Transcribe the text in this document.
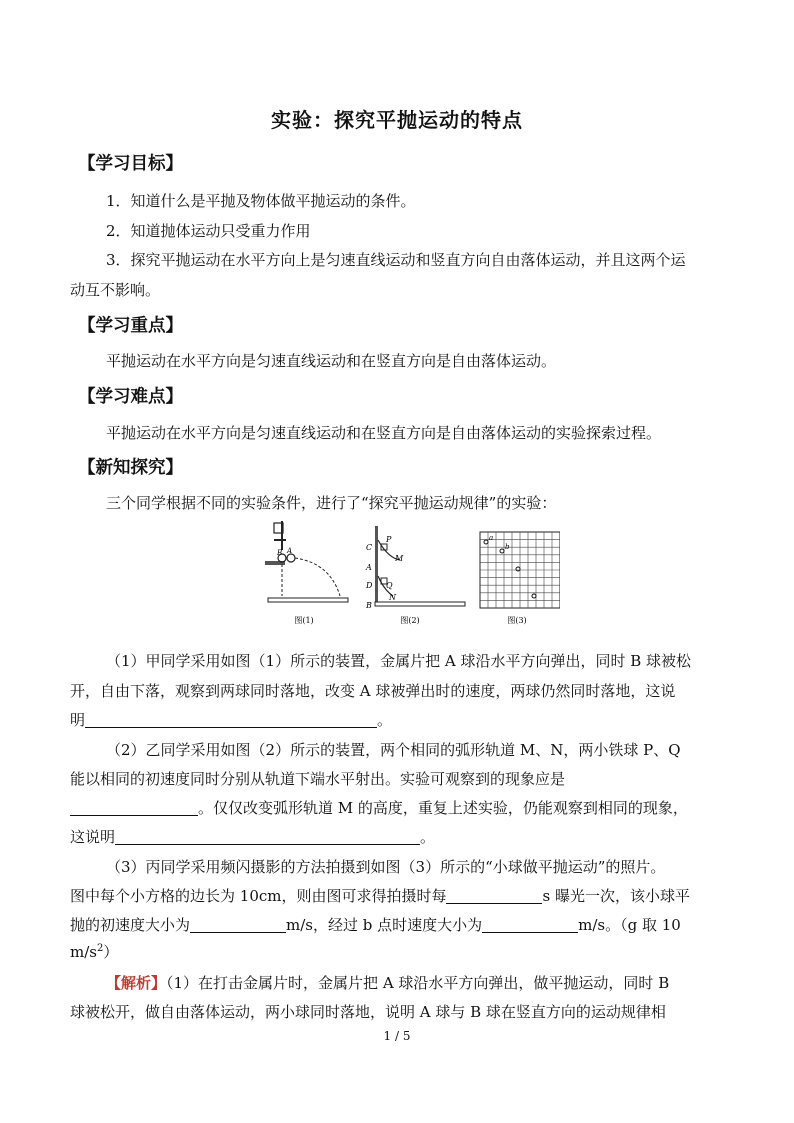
实验：探究平抛运动的特点
【学习目标】
1．知道什么是平抛及物体做平抛运动的条件。
2．知道抛体运动只受重力作用
3．探究平抛运动在水平方向上是匀速直线运动和竖直方向自由落体运动，并且这两个运
动互不影响。
【学习重点】
平抛运动在水平方向是匀速直线运动和在竖直方向是自由落体运动。
【学习难点】
平抛运动在水平方向是匀速直线运动和在竖直方向是自由落体运动的实验探索过程。
【新知探究】
三个同学根据不同的实验条件，进行了“探究平抛运动规律”的实验：
B A
图(1)
C
P
M
A
D Q
N
B
图(2)
a
b
图(3)
（1）甲同学采用如图（1）所示的装置，金属片把 A 球沿水平方向弹出，同时 B 球被松
开，自由下落，观察到两球同时落地，改变 A 球被弹出时的速度，两球仍然同时落地，这说
明	。
（2）乙同学采用如图（2）所示的装置，两个相同的弧形轨道 M、N，两小铁球 P、Q
能以相同的初速度同时分别从轨道下端水平射出。实验可观察到的现象应是
。仅仅改变弧形轨道 M 的高度，重复上述实验，仍能观察到相同的现象，
这说明	。
（3）丙同学采用频闪摄影的方法拍摄到如图（3）所示的“小球做平抛运动”的照片。
图中每个小方格的边长为 10cm，则由图可求得拍摄时每	s 曝光一次，该小球平
抛的初速度大小为	m/s，经过 b 点时速度大小为	m/s。（g 取 10
$m/s^2$）
【解析】（1）在打击金属片时，金属片把 A 球沿水平方向弹出，做平抛运动，同时 B
球被松开，做自由落体运动，两小球同时落地，说明 A 球与 B 球在竖直方向的运动规律相
1 / 5
